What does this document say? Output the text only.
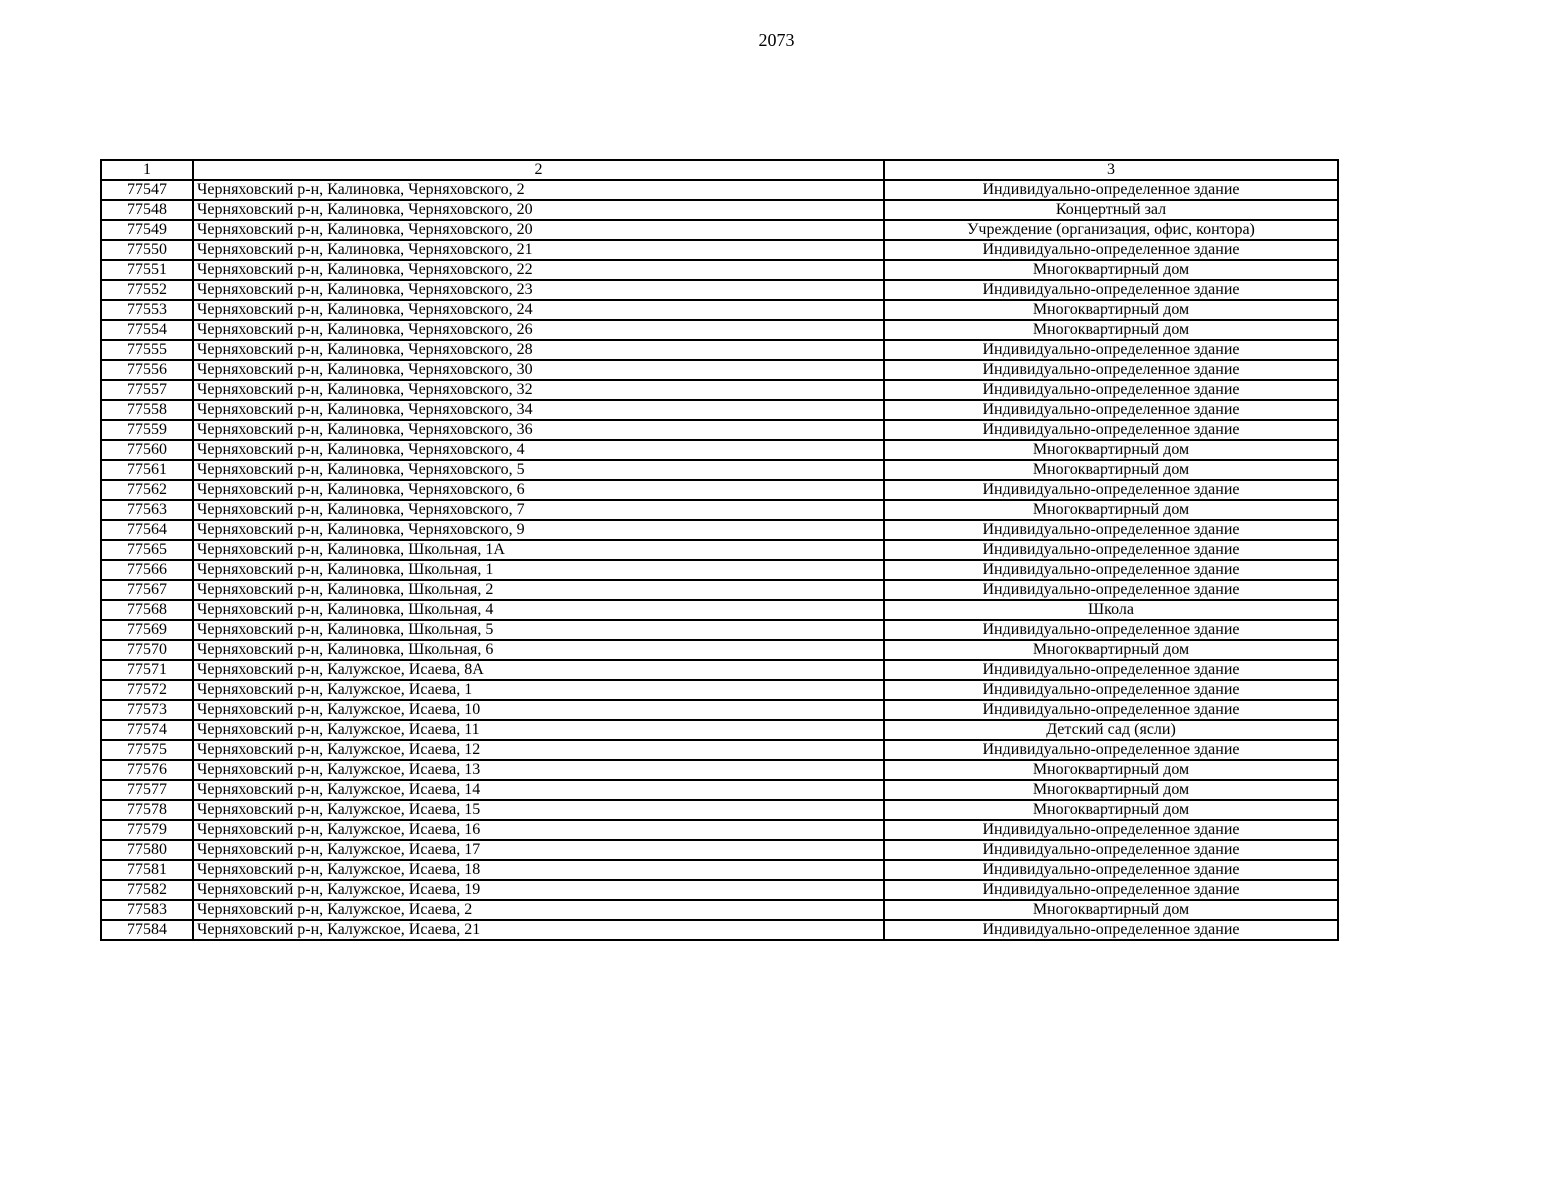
2073
1	2	3
77547	Черняховский р-н, Калиновка, Черняховского, 2	Индивидуально-определенное здание
77548	Черняховский р-н, Калиновка, Черняховского, 20	Концертный зал
77549	Черняховский р-н, Калиновка, Черняховского, 20	Учреждение (организация, офис, контора)
77550	Черняховский р-н, Калиновка, Черняховского, 21	Индивидуально-определенное здание
77551	Черняховский р-н, Калиновка, Черняховского, 22	Многоквартирный дом
77552	Черняховский р-н, Калиновка, Черняховского, 23	Индивидуально-определенное здание
77553	Черняховский р-н, Калиновка, Черняховского, 24	Многоквартирный дом
77554	Черняховский р-н, Калиновка, Черняховского, 26	Многоквартирный дом
77555	Черняховский р-н, Калиновка, Черняховского, 28	Индивидуально-определенное здание
77556	Черняховский р-н, Калиновка, Черняховского, 30	Индивидуально-определенное здание
77557	Черняховский р-н, Калиновка, Черняховского, 32	Индивидуально-определенное здание
77558	Черняховский р-н, Калиновка, Черняховского, 34	Индивидуально-определенное здание
77559	Черняховский р-н, Калиновка, Черняховского, 36	Индивидуально-определенное здание
77560	Черняховский р-н, Калиновка, Черняховского, 4	Многоквартирный дом
77561	Черняховский р-н, Калиновка, Черняховского, 5	Многоквартирный дом
77562	Черняховский р-н, Калиновка, Черняховского, 6	Индивидуально-определенное здание
77563	Черняховский р-н, Калиновка, Черняховского, 7	Многоквартирный дом
77564	Черняховский р-н, Калиновка, Черняховского, 9	Индивидуально-определенное здание
77565	Черняховский р-н, Калиновка, Школьная, 1А	Индивидуально-определенное здание
77566	Черняховский р-н, Калиновка, Школьная, 1	Индивидуально-определенное здание
77567	Черняховский р-н, Калиновка, Школьная, 2	Индивидуально-определенное здание
77568	Черняховский р-н, Калиновка, Школьная, 4	Школа
77569	Черняховский р-н, Калиновка, Школьная, 5	Индивидуально-определенное здание
77570	Черняховский р-н, Калиновка, Школьная, 6	Многоквартирный дом
77571	Черняховский р-н, Калужское, Исаева, 8А	Индивидуально-определенное здание
77572	Черняховский р-н, Калужское, Исаева, 1	Индивидуально-определенное здание
77573	Черняховский р-н, Калужское, Исаева, 10	Индивидуально-определенное здание
77574	Черняховский р-н, Калужское, Исаева, 11	Детский сад (ясли)
77575	Черняховский р-н, Калужское, Исаева, 12	Индивидуально-определенное здание
77576	Черняховский р-н, Калужское, Исаева, 13	Многоквартирный дом
77577	Черняховский р-н, Калужское, Исаева, 14	Многоквартирный дом
77578	Черняховский р-н, Калужское, Исаева, 15	Многоквартирный дом
77579	Черняховский р-н, Калужское, Исаева, 16	Индивидуально-определенное здание
77580	Черняховский р-н, Калужское, Исаева, 17	Индивидуально-определенное здание
77581	Черняховский р-н, Калужское, Исаева, 18	Индивидуально-определенное здание
77582	Черняховский р-н, Калужское, Исаева, 19	Индивидуально-определенное здание
77583	Черняховский р-н, Калужское, Исаева, 2	Многоквартирный дом
77584	Черняховский р-н, Калужское, Исаева, 21	Индивидуально-определенное здание
